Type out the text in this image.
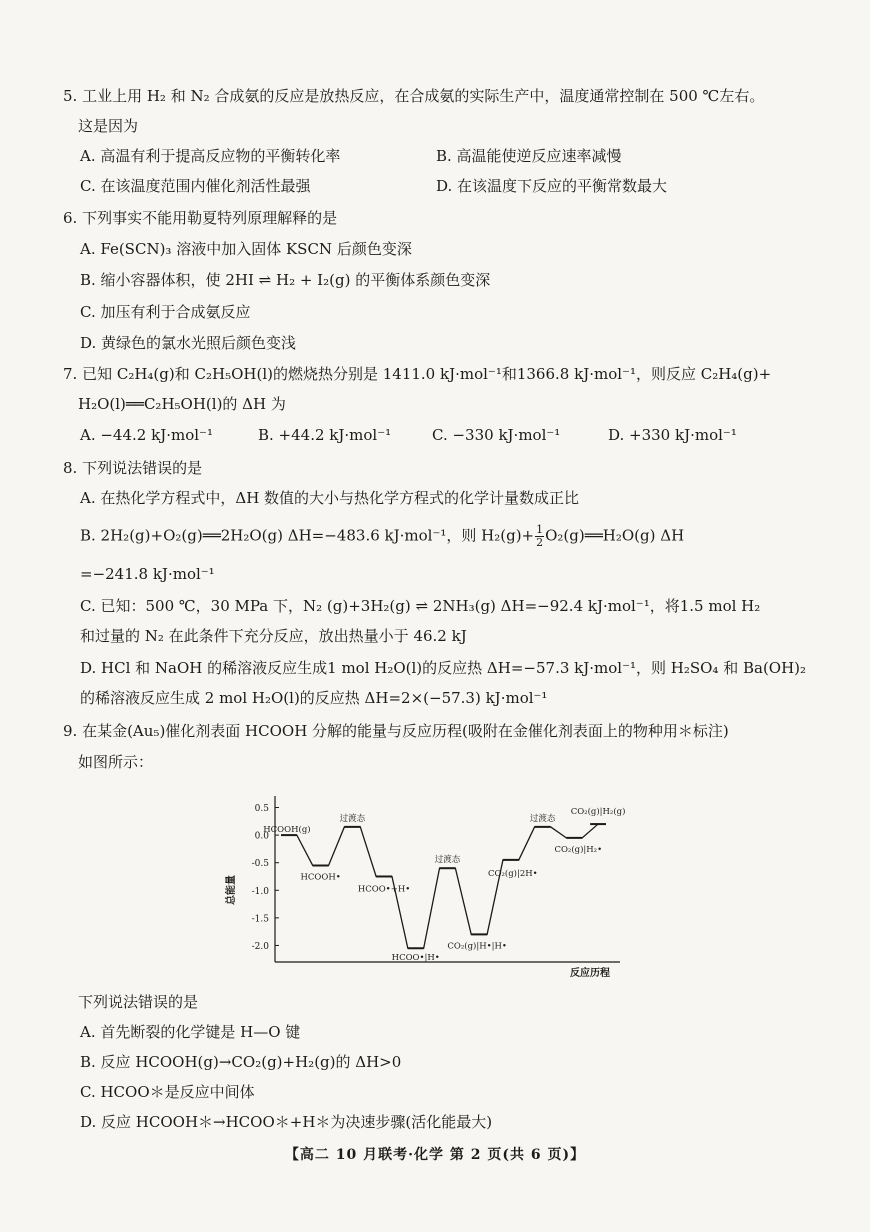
5. 工业上用 H₂ 和 N₂ 合成氨的反应是放热反应，在合成氨的实际生产中，温度通常控制在 500 ℃左右。
这是因为
A. 高温有利于提高反应物的平衡转化率	B. 高温能使逆反应速率减慢
C. 在该温度范围内催化剂活性最强	D. 在该温度下反应的平衡常数最大
6. 下列事实不能用勒夏特列原理解释的是
A. Fe(SCN)₃ 溶液中加入固体 KSCN 后颜色变深
B. 缩小容器体积，使 2HI ⇌ H₂ + I₂(g) 的平衡体系颜色变深
C. 加压有利于合成氨反应
D. 黄绿色的氯水光照后颜色变浅
7. 已知 C₂H₄(g)和 C₂H₅OH(l)的燃烧热分别是 1411.0 kJ·mol⁻¹和1366.8 kJ·mol⁻¹，则反应 C₂H₄(g)+
H₂O(l)══C₂H₅OH(l)的 ΔH 为
A. −44.2 kJ·mol⁻¹	B. +44.2 kJ·mol⁻¹	C. −330 kJ·mol⁻¹	D. +330 kJ·mol⁻¹
8. 下列说法错误的是
A. 在热化学方程式中，ΔH 数值的大小与热化学方程式的化学计量数成正比
B. 2H₂(g)+O₂(g)══2H₂O(g) ΔH=−483.6 kJ·mol⁻¹，则 $H_2(g)+ \frac{1}{2}$ O₂(g)══H₂O(g) ΔH
=−241.8 kJ·mol⁻¹
C. 已知：500 ℃，30 MPa 下，N₂ (g)+3H₂(g) ⇌ 2NH₃(g) ΔH=−92.4 kJ·mol⁻¹，将1.5 mol H₂
和过量的 N₂ 在此条件下充分反应，放出热量小于 46.2 kJ
D. HCl 和 NaOH 的稀溶液反应生成1 mol H₂O(l)的反应热 ΔH=−57.3 kJ·mol⁻¹，则 H₂SO₄ 和 Ba(OH)₂
的稀溶液反应生成 2 mol H₂O(l)的反应热 ΔH=2×(−57.3) kJ·mol⁻¹
9. 在某金(Au₅)催化剂表面 HCOOH 分解的能量与反应历程(吸附在金催化剂表面上的物种用＊标注)
如图所示：
0.5
0.0
-0.5
-1.0
-1.5
-2.0
HCOOH(g)
HCOOH•
过渡态
HCOO•+H•
HCOO•|H•
过渡态
CO₂(g)|H•|H•
CO₂(g)|2H•
过渡态
CO₂(g)|H₂•
CO₂(g)|H₂(g)
总能量
反应历程
下列说法错误的是
A. 首先断裂的化学键是 H—O 键
B. 反应 HCOOH(g)→CO₂(g)+H₂(g)的 ΔH>0
C. HCOO＊是反应中间体
D. 反应 HCOOH＊→HCOO＊+H＊为决速步骤(活化能最大)
【高二 10 月联考·化学 第 2 页(共 6 页)】
